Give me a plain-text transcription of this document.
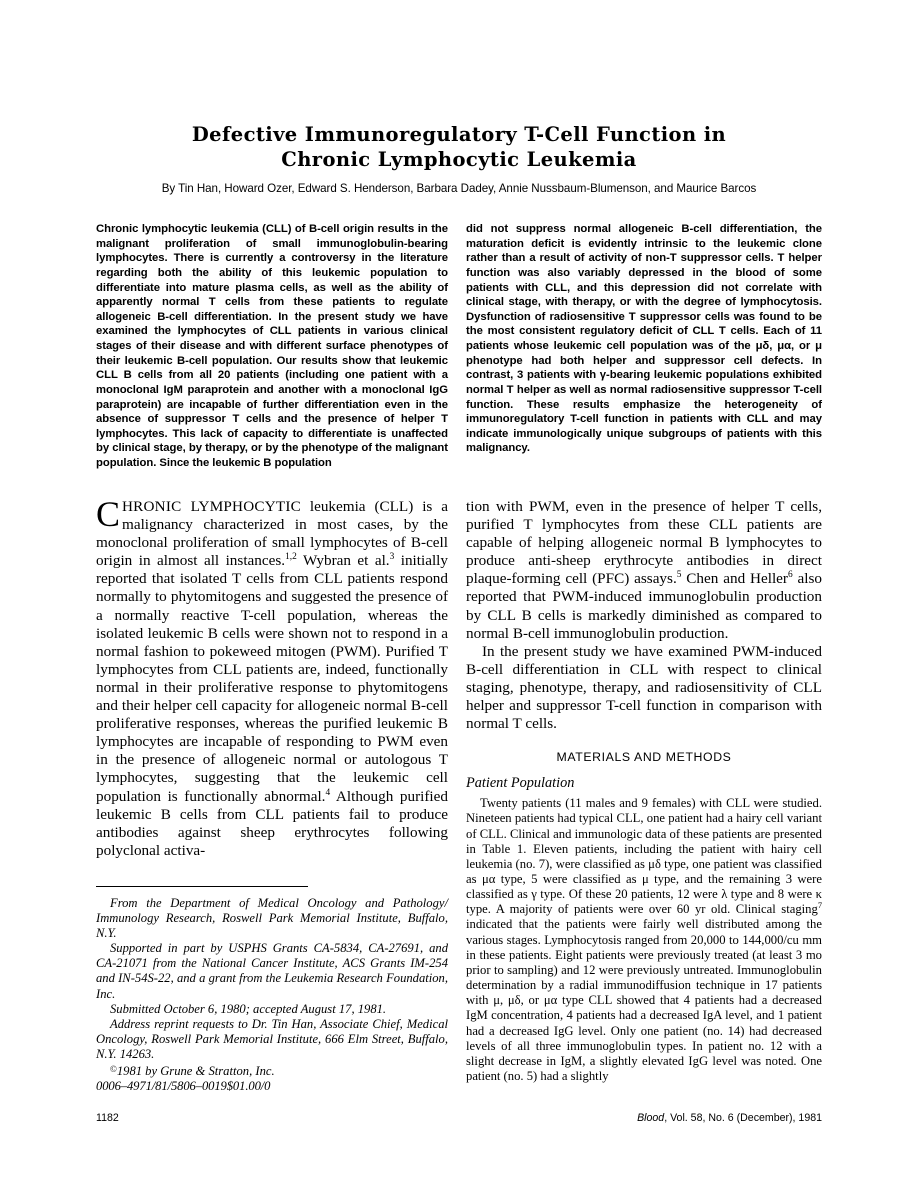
Defective Immunoregulatory T-Cell Function in
Chronic Lymphocytic Leukemia
By Tin Han, Howard Ozer, Edward S. Henderson, Barbara Dadey, Annie Nussbaum-Blumenson, and Maurice Barcos

Chronic lymphocytic leukemia (CLL) of B-cell origin results in the malignant proliferation of small immunoglobulin-bearing lymphocytes. There is currently a controversy in the literature regarding both the ability of this leukemic population to differentiate into mature plasma cells, as well as the ability of apparently normal T cells from these patients to regulate allogeneic B-cell differentiation. In the present study we have examined the lymphocytes of CLL patients in various clinical stages of their disease and with different surface phenotypes of their leukemic B-cell population. Our results show that leukemic CLL B cells from all 20 patients (including one patient with a monoclonal IgM paraprotein and another with a monoclonal IgG paraprotein) are incapable of further differentiation even in the absence of suppressor T cells and the presence of helper T lymphocytes. This lack of capacity to differentiate is unaffected by clinical stage, by therapy, or by the phenotype of the malignant population. Since the leukemic B population

did not suppress normal allogeneic B-cell differentiation, the maturation deficit is evidently intrinsic to the leukemic clone rather than a result of activity of non-T suppressor cells. T helper function was also variably depressed in the blood of some patients with CLL, and this depression did not correlate with clinical stage, with therapy, or with the degree of lymphocytosis. Dysfunction of radiosensitive T suppressor cells was found to be the most consistent regulatory deficit of CLL T cells. Each of 11 patients whose leukemic cell population was of the μδ, μα, or μ phenotype had both helper and suppressor cell defects. In contrast, 3 patients with γ-bearing leukemic populations exhibited normal T helper as well as normal radiosensitive suppressor T-cell function. These results emphasize the heterogeneity of immunoregulatory T-cell function in patients with CLL and may indicate immunologically unique subgroups of patients with this malignancy.

CHRONIC LYMPHOCYTIC leukemia (CLL) is a malignancy characterized in most cases, by the monoclonal proliferation of small lymphocytes of B-cell origin in almost all instances.$^{1,2}$ Wybran et al.$^3$ initially reported that isolated T cells from CLL patients respond normally to phytomitogens and suggested the presence of a normally reactive T-cell population, whereas the isolated leukemic B cells were shown not to respond in a normal fashion to pokeweed mitogen (PWM). Purified T lymphocytes from CLL patients are, indeed, functionally normal in their proliferative response to phytomitogens and their helper cell capacity for allogeneic normal B-cell proliferative responses, whereas the purified leukemic B lymphocytes are incapable of responding to PWM even in the presence of allogeneic normal or autologous T lymphocytes, suggesting that the leukemic cell population is functionally abnormal.$^4$ Although purified leukemic B cells from CLL patients fail to produce antibodies against sheep erythrocytes following polyclonal activa-

From the Department of Medical Oncology and Pathology/ Immunology Research, Roswell Park Memorial Institute, Buffalo, N.Y.

Supported in part by USPHS Grants CA-5834, CA-27691, and CA-21071 from the National Cancer Institute, ACS Grants IM-254 and IN-54S-22, and a grant from the Leukemia Research Foundation, Inc.

Submitted October 6, 1980; accepted August 17, 1981.

Address reprint requests to Dr. Tin Han, Associate Chief, Medical Oncology, Roswell Park Memorial Institute, 666 Elm Street, Buffalo, N.Y. 14263.

©1981 by Grune & Stratton, Inc.

0006–4971/81/5806–0019$01.00/0

tion with PWM, even in the presence of helper T cells, purified T lymphocytes from these CLL patients are capable of helping allogeneic normal B lymphocytes to produce anti-sheep erythrocyte antibodies in direct plaque-forming cell (PFC) assays.$^5$ Chen and Heller$^6$ also reported that PWM-induced immunoglobulin production by CLL B cells is markedly diminished as compared to normal B-cell immunoglobulin production.

In the present study we have examined PWM-induced B-cell differentiation in CLL with respect to clinical staging, phenotype, therapy, and radiosensitivity of CLL helper and suppressor T-cell function in comparison with normal T cells.

MATERIALS AND METHODS
Patient Population

Twenty patients (11 males and 9 females) with CLL were studied. Nineteen patients had typical CLL, one patient had a hairy cell variant of CLL. Clinical and immunologic data of these patients are presented in Table 1. Eleven patients, including the patient with hairy cell leukemia (no. 7), were classified as μδ type, one patient was classified as μα type, 5 were classified as μ type, and the remaining 3 were classified as γ type. Of these 20 patients, 12 were λ type and 8 were κ type. A majority of patients were over 60 yr old. Clinical staging$^7$ indicated that the patients were fairly well distributed among the various stages. Lymphocytosis ranged from 20,000 to 144,000/cu mm in these patients. Eight patients were previously treated (at least 3 mo prior to sampling) and 12 were previously untreated. Immunoglobulin determination by a radial immunodiffusion technique in 17 patients with μ, μδ, or μα type CLL showed that 4 patients had a decreased IgM concentration, 4 patients had a decreased IgA level, and 1 patient had a decreased IgG level. Only one patient (no. 14) had decreased levels of all three immunoglobulin types. In patient no. 12 with a slight decrease in IgM, a slightly elevated IgG level was noted. One patient (no. 5) had a slightly

1182	Blood, Vol. 58, No. 6 (December), 1981
